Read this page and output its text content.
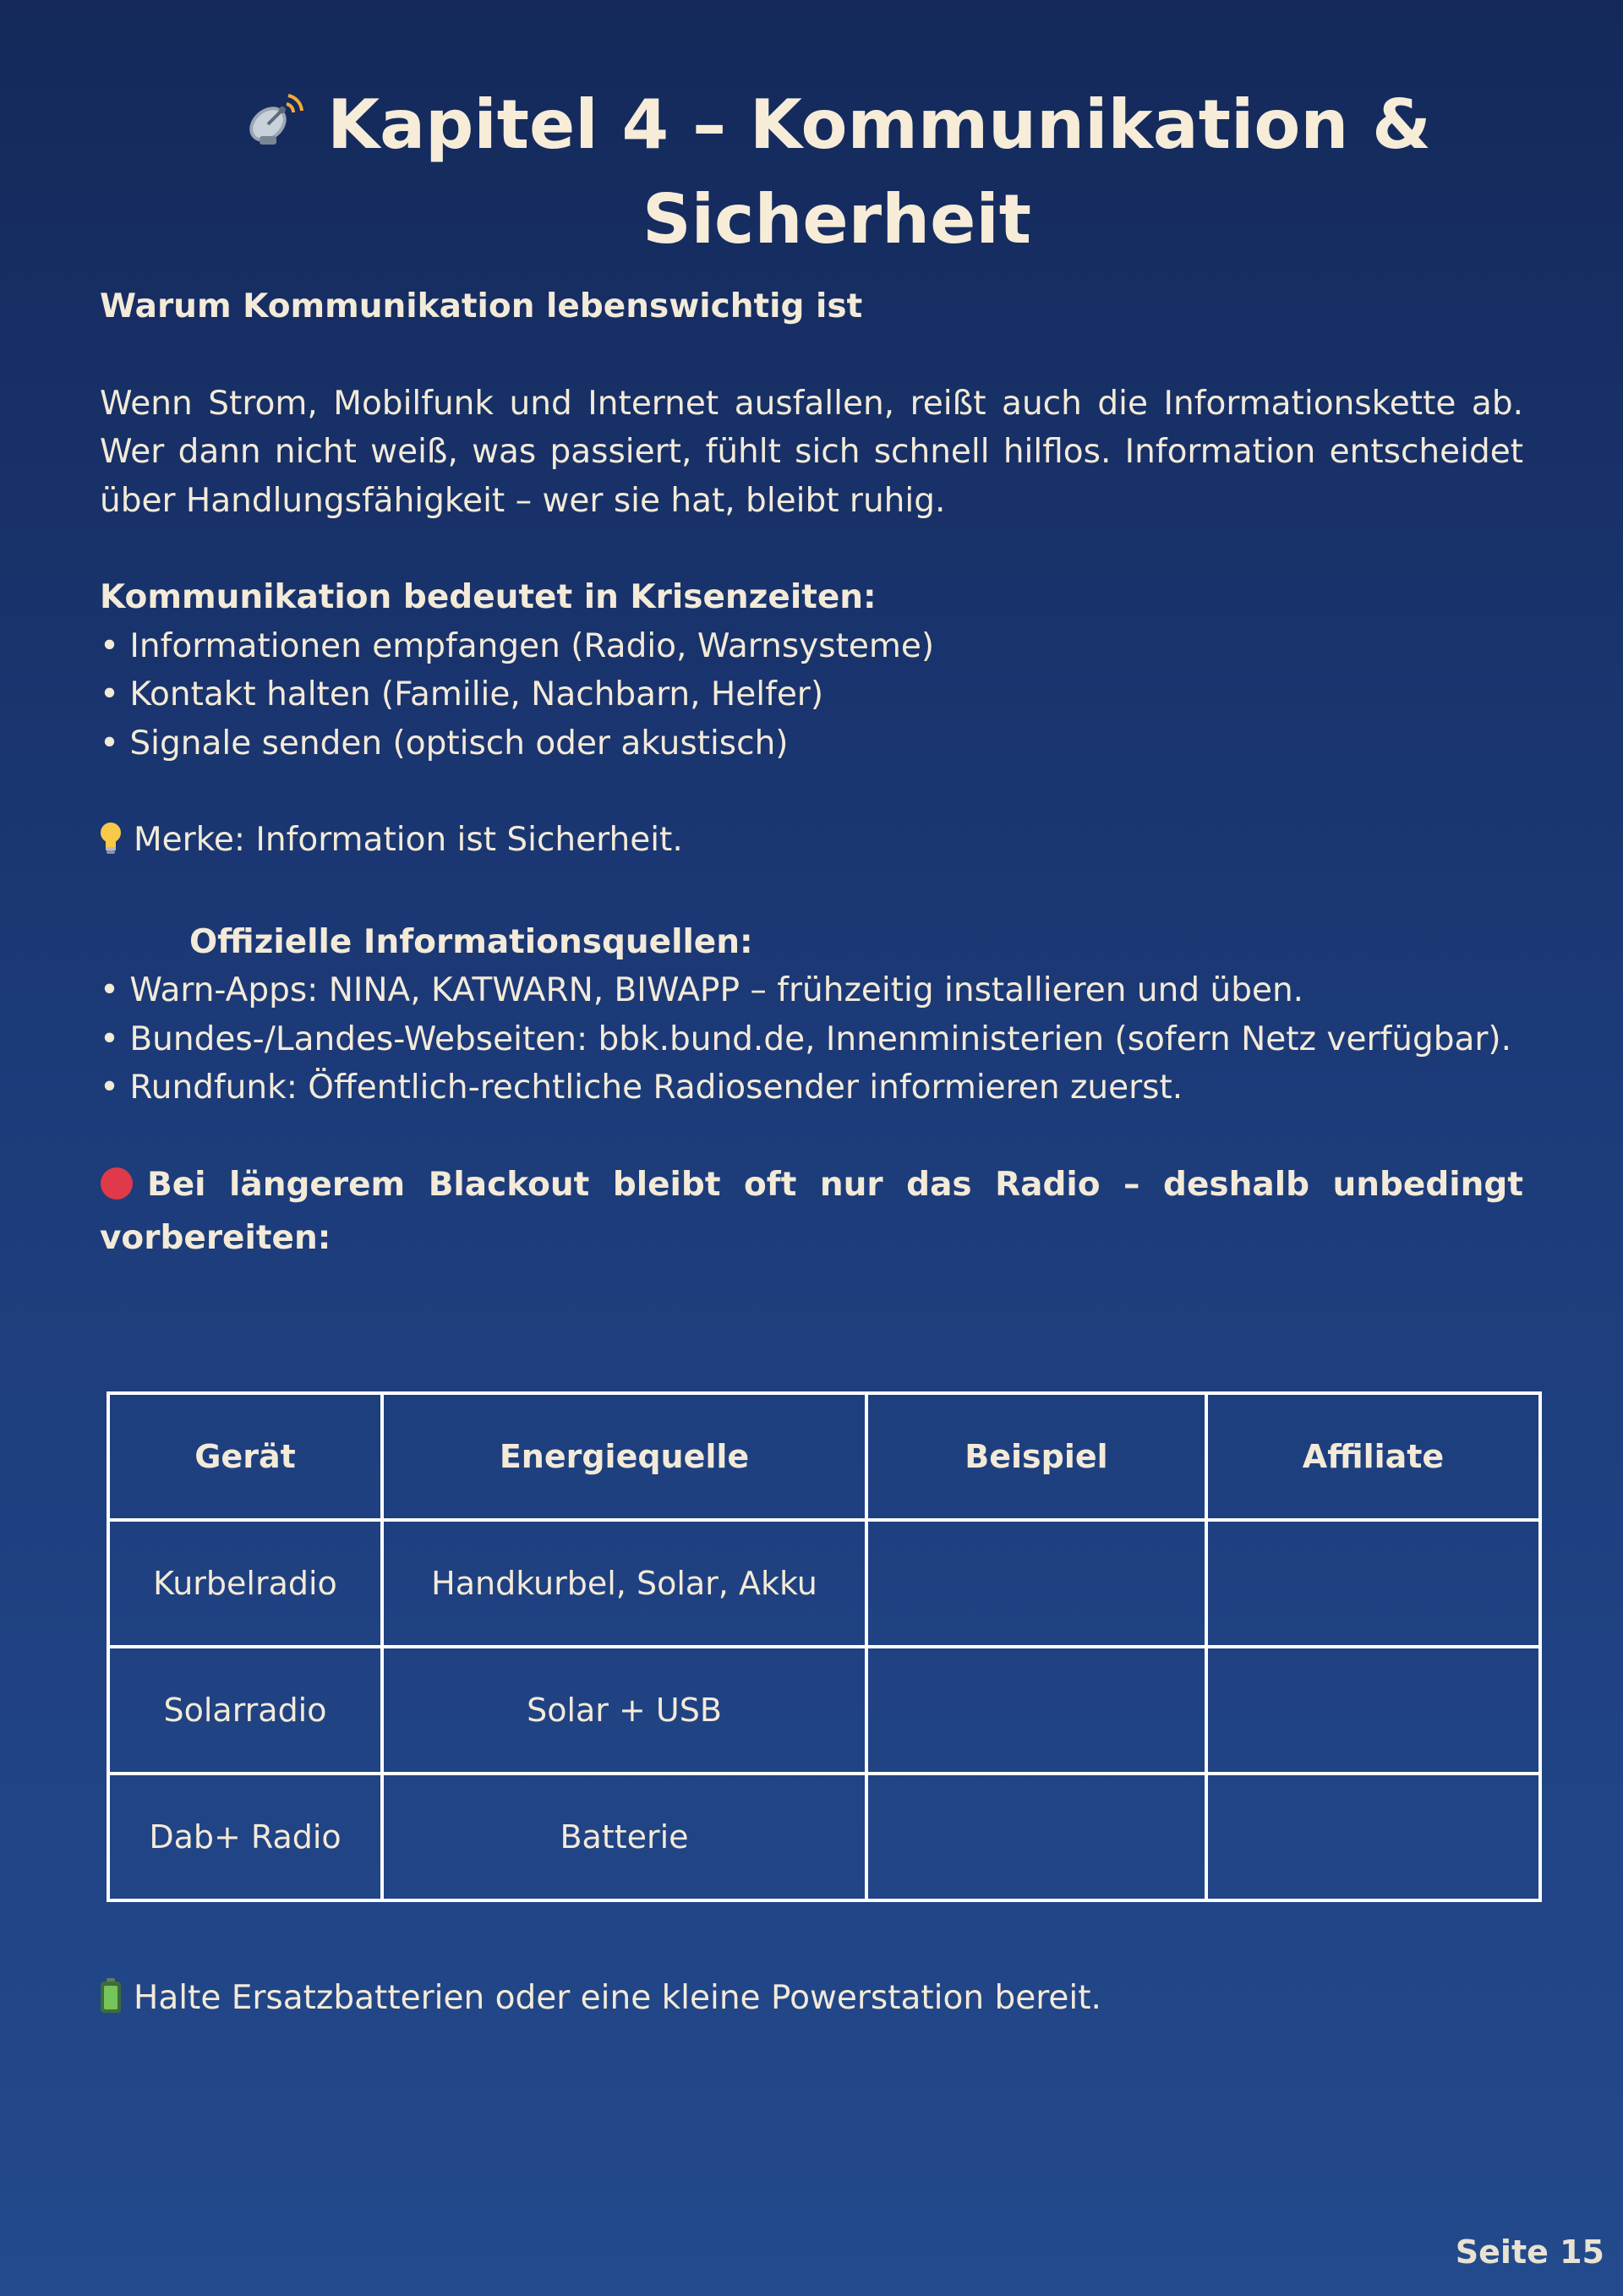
Kapitel 4 – Kommunikation &
Sicherheit
Warum Kommunikation lebenswichtig ist
Wenn Strom, Mobilfunk und Internet ausfallen, reißt auch die Informationskette ab. Wer dann nicht weiß, was passiert, fühlt sich schnell hilflos. Information entscheidet über Handlungsfähigkeit – wer sie hat, bleibt ruhig.
Kommunikation bedeutet in Krisenzeiten:
• Informationen empfangen (Radio, Warnsysteme)
• Kontakt halten (Familie, Nachbarn, Helfer)
• Signale senden (optisch oder akustisch)
Merke: Information ist Sicherheit.
Offizielle Informationsquellen:
• Warn-Apps: NINA, KATWARN, BIWAPP – frühzeitig installieren und üben.
• Bundes-/Landes-Webseiten: bbk.bund.de, Innenministerien (sofern Netz verfügbar).
• Rundfunk: Öffentlich-rechtliche Radiosender informieren zuerst.
Bei längerem Blackout bleibt oft nur das Radio – deshalb unbedingt vorbereiten:
Gerät	Energiequelle	Beispiel	Affiliate
Kurbelradio	Handkurbel, Solar, Akku		
Solarradio	Solar + USB		
Dab+ Radio	Batterie		
Halte Ersatzbatterien oder eine kleine Powerstation bereit.
Seite 15
